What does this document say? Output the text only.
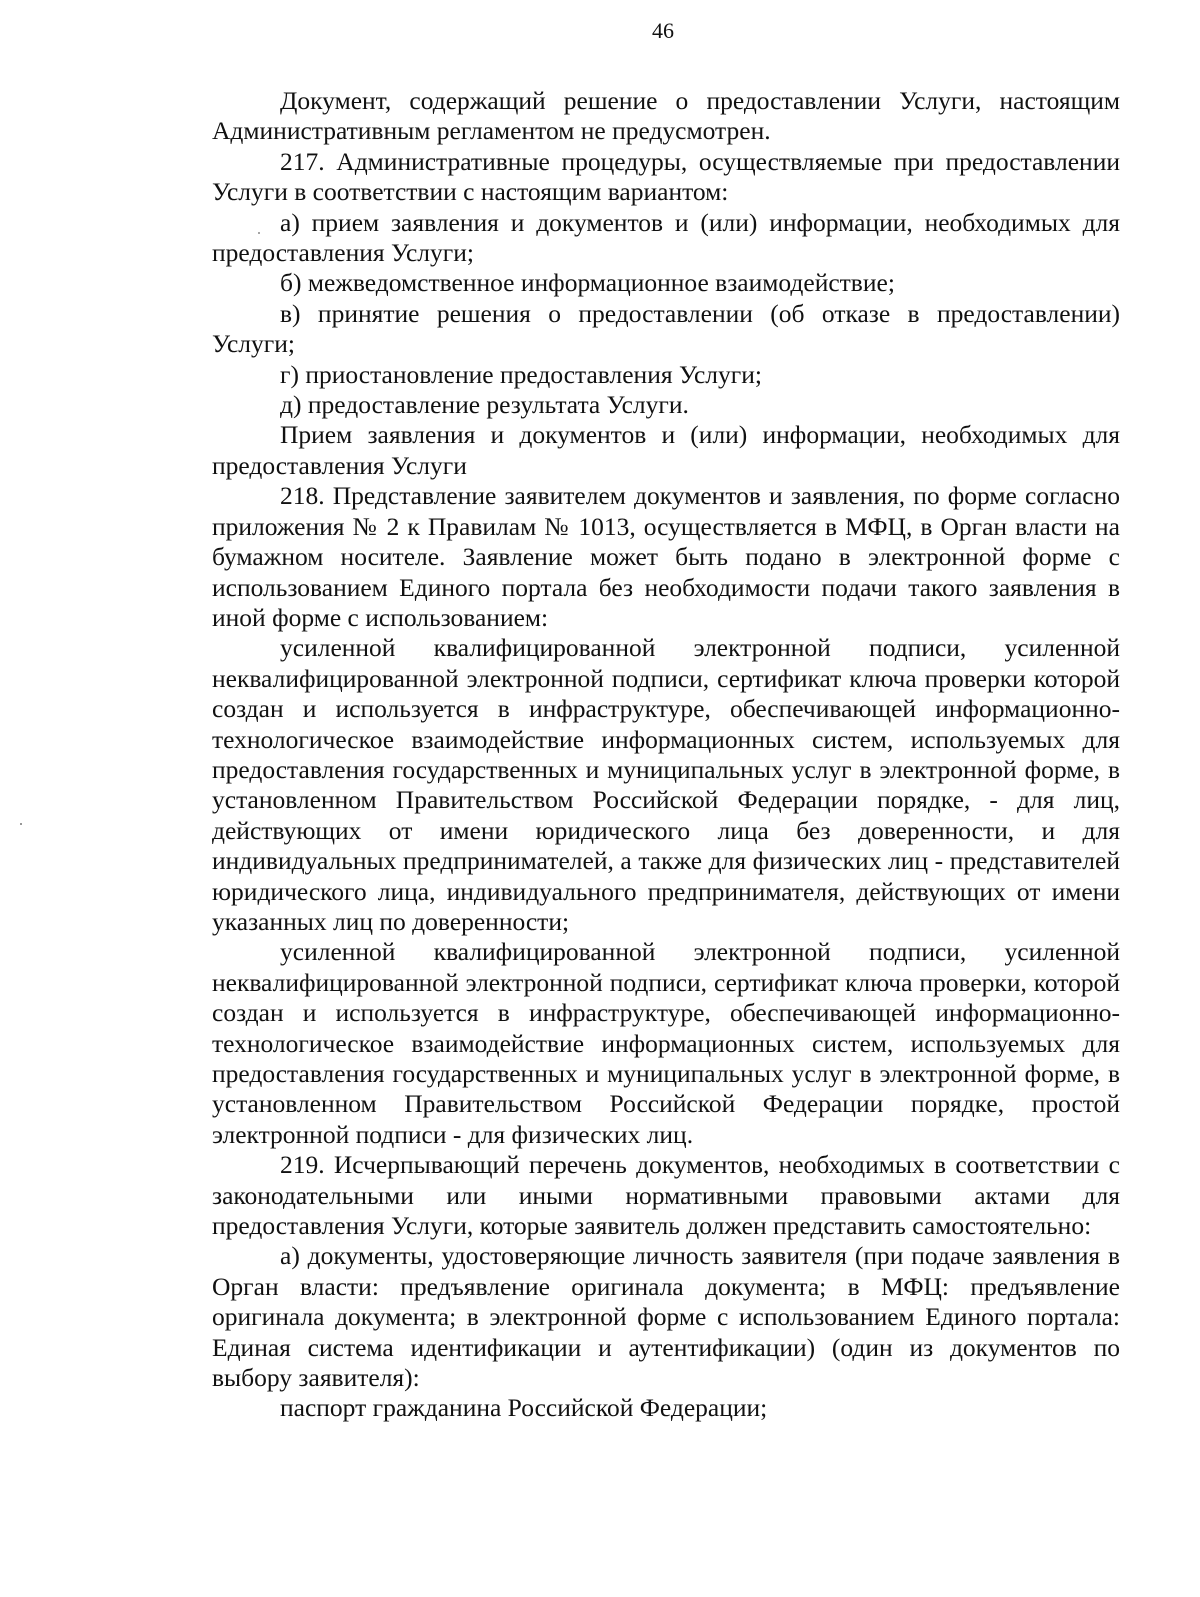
46

Документ, содержащий решение о предоставлении Услуги, настоящим Административным регламентом не предусмотрен.

217. Административные процедуры, осуществляемые при предоставлении Услуги в соответствии с настоящим вариантом:

а) прием заявления и документов и (или) информации, необходимых для предоставления Услуги;

б) межведомственное информационное взаимодействие;

в) принятие решения о предоставлении (об отказе в предоставлении) Услуги;

г) приостановление предоставления Услуги;

д) предоставление результата Услуги.

Прием заявления и документов и (или) информации, необходимых для предоставления Услуги

218. Представление заявителем документов и заявления, по форме согласно приложения № 2 к Правилам № 1013, осуществляется в МФЦ, в Орган власти на бумажном носителе. Заявление может быть подано в электронной форме с использованием Единого портала без необходимости подачи такого заявления в иной форме с использованием:

усиленной квалифицированной электронной подписи, усиленной неквалифицированной электронной подписи, сертификат ключа проверки которой создан и используется в инфраструктуре, обеспечивающей информационно-технологическое взаимодействие информационных систем, используемых для предоставления государственных и муниципальных услуг в электронной форме, в установленном Правительством Российской Федерации порядке, - для лиц, действующих от имени юридического лица без доверенности, и для индивидуальных предпринимателей, а также для физических лиц - представителей юридического лица, индивидуального предпринимателя, действующих от имени указанных лиц по доверенности;

усиленной квалифицированной электронной подписи, усиленной неквалифицированной электронной подписи, сертификат ключа проверки, которой создан и используется в инфраструктуре, обеспечивающей информационно-технологическое взаимодействие информационных систем, используемых для предоставления государственных и муниципальных услуг в электронной форме, в установленном Правительством Российской Федерации порядке, простой электронной подписи - для физических лиц.

219. Исчерпывающий перечень документов, необходимых в соответствии с законодательными или иными нормативными правовыми актами для предоставления Услуги, которые заявитель должен представить самостоятельно:

а) документы, удостоверяющие личность заявителя (при подаче заявления в Орган власти: предъявление оригинала документа; в МФЦ: предъявление оригинала документа; в электронной форме с использованием Единого портала: Единая система идентификации и аутентификации) (один из документов по выбору заявителя):

паспорт гражданина Российской Федерации;
